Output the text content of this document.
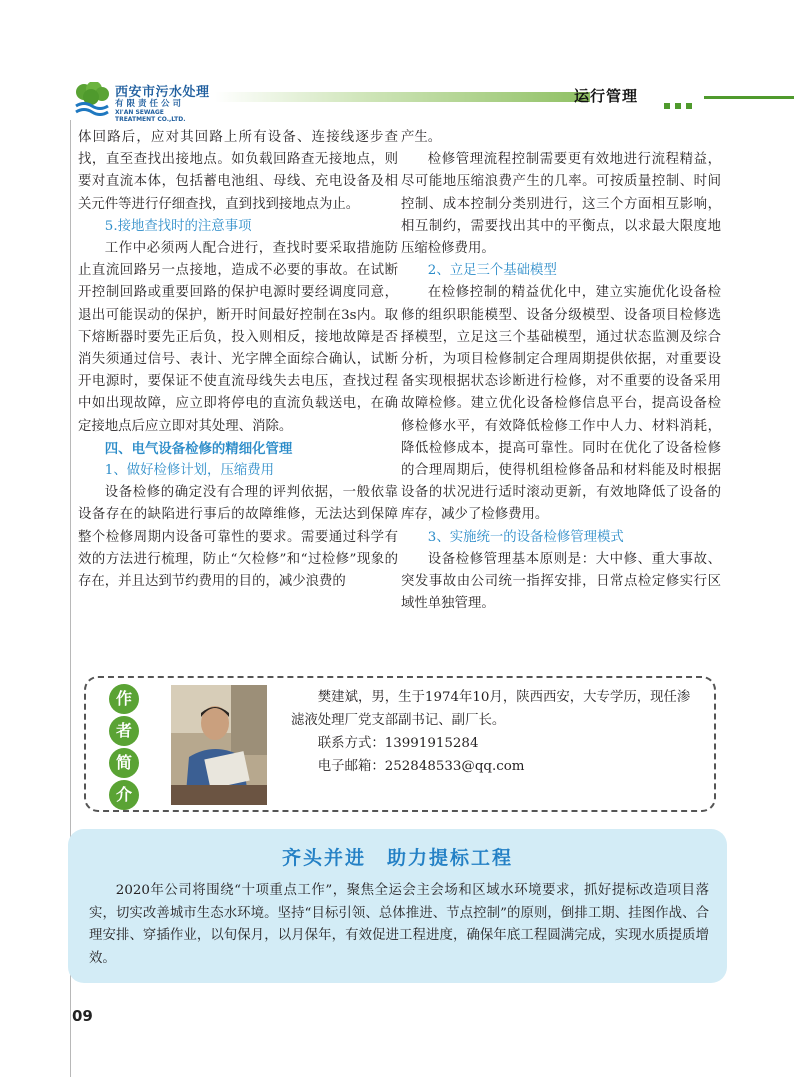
西安市污水处理
有限责任公司
XI'AN SEWAGE TREATMENT CO.,LTD.
运行管理

体回路后，应对其回路上所有设备、连接线逐步查找，直至查找出接地点。如负载回路查无接地点，则要对直流本体，包括蓄电池组、母线、充电设备及相关元件等进行仔细查找，直到找到接地点为止。

5.接地查找时的注意事项

工作中必须两人配合进行，查找时要采取措施防止直流回路另一点接地，造成不必要的事故。在试断开控制回路或重要回路的保护电源时要经调度同意，退出可能误动的保护，断开时间最好控制在3s内。取下熔断器时要先正后负，投入则相反，接地故障是否消失须通过信号、表计、光字牌全面综合确认，试断开电源时，要保证不使直流母线失去电压，查找过程中如出现故障，应立即将停电的直流负载送电，在确定接地点后应立即对其处理、消除。

四、电气设备检修的精细化管理

1、做好检修计划，压缩费用

设备检修的确定没有合理的评判依据，一般依靠设备存在的缺陷进行事后的故障维修，无法达到保障整个检修周期内设备可靠性的要求。需要通过科学有效的方法进行梳理，防止“欠检修”和“过检修”现象的存在，并且达到节约费用的目的，减少浪费的

产生。

检修管理流程控制需要更有效地进行流程精益，尽可能地压缩浪费产生的几率。可按质量控制、时间控制、成本控制分类别进行，这三个方面相互影响，相互制约，需要找出其中的平衡点，以求最大限度地压缩检修费用。

2、立足三个基础模型

在检修控制的精益优化中，建立实施优化设备检修的组织职能模型、设备分级模型、设备项目检修选择模型，立足这三个基础模型，通过状态监测及综合分析，为项目检修制定合理周期提供依据，对重要设备实现根据状态诊断进行检修，对不重要的设备采用故障检修。建立优化设备检修信息平台，提高设备检修检修水平，有效降低检修工作中人力、材料消耗，降低检修成本，提高可靠性。同时在优化了设备检修的合理周期后，使得机组检修备品和材料能及时根据设备的状况进行适时滚动更新，有效地降低了设备的库存，减少了检修费用。

3、实施统一的设备检修管理模式

设备检修管理基本原则是：大中修、重大事故、突发事故由公司统一指挥安排，日常点检定修实行区域性单独管理。

作
者
简
介

樊建斌，男，生于1974年10月，陕西西安，大专学历，现任渗滤液处理厂党支部副书记、副厂长。

联系方式：13991915284

电子邮箱：252848533@qq.com

齐头并进　助力提标工程
2020年公司将围绕“十项重点工作”，聚焦全运会主会场和区域水环境要求，抓好提标改造项目落实，切实改善城市生态水环境。坚持“目标引领、总体推进、节点控制”的原则，倒排工期、挂图作战、合理安排、穿插作业，以旬保月，以月保年，有效促进工程进度，确保年底工程圆满完成，实现水质提质增效。
09
